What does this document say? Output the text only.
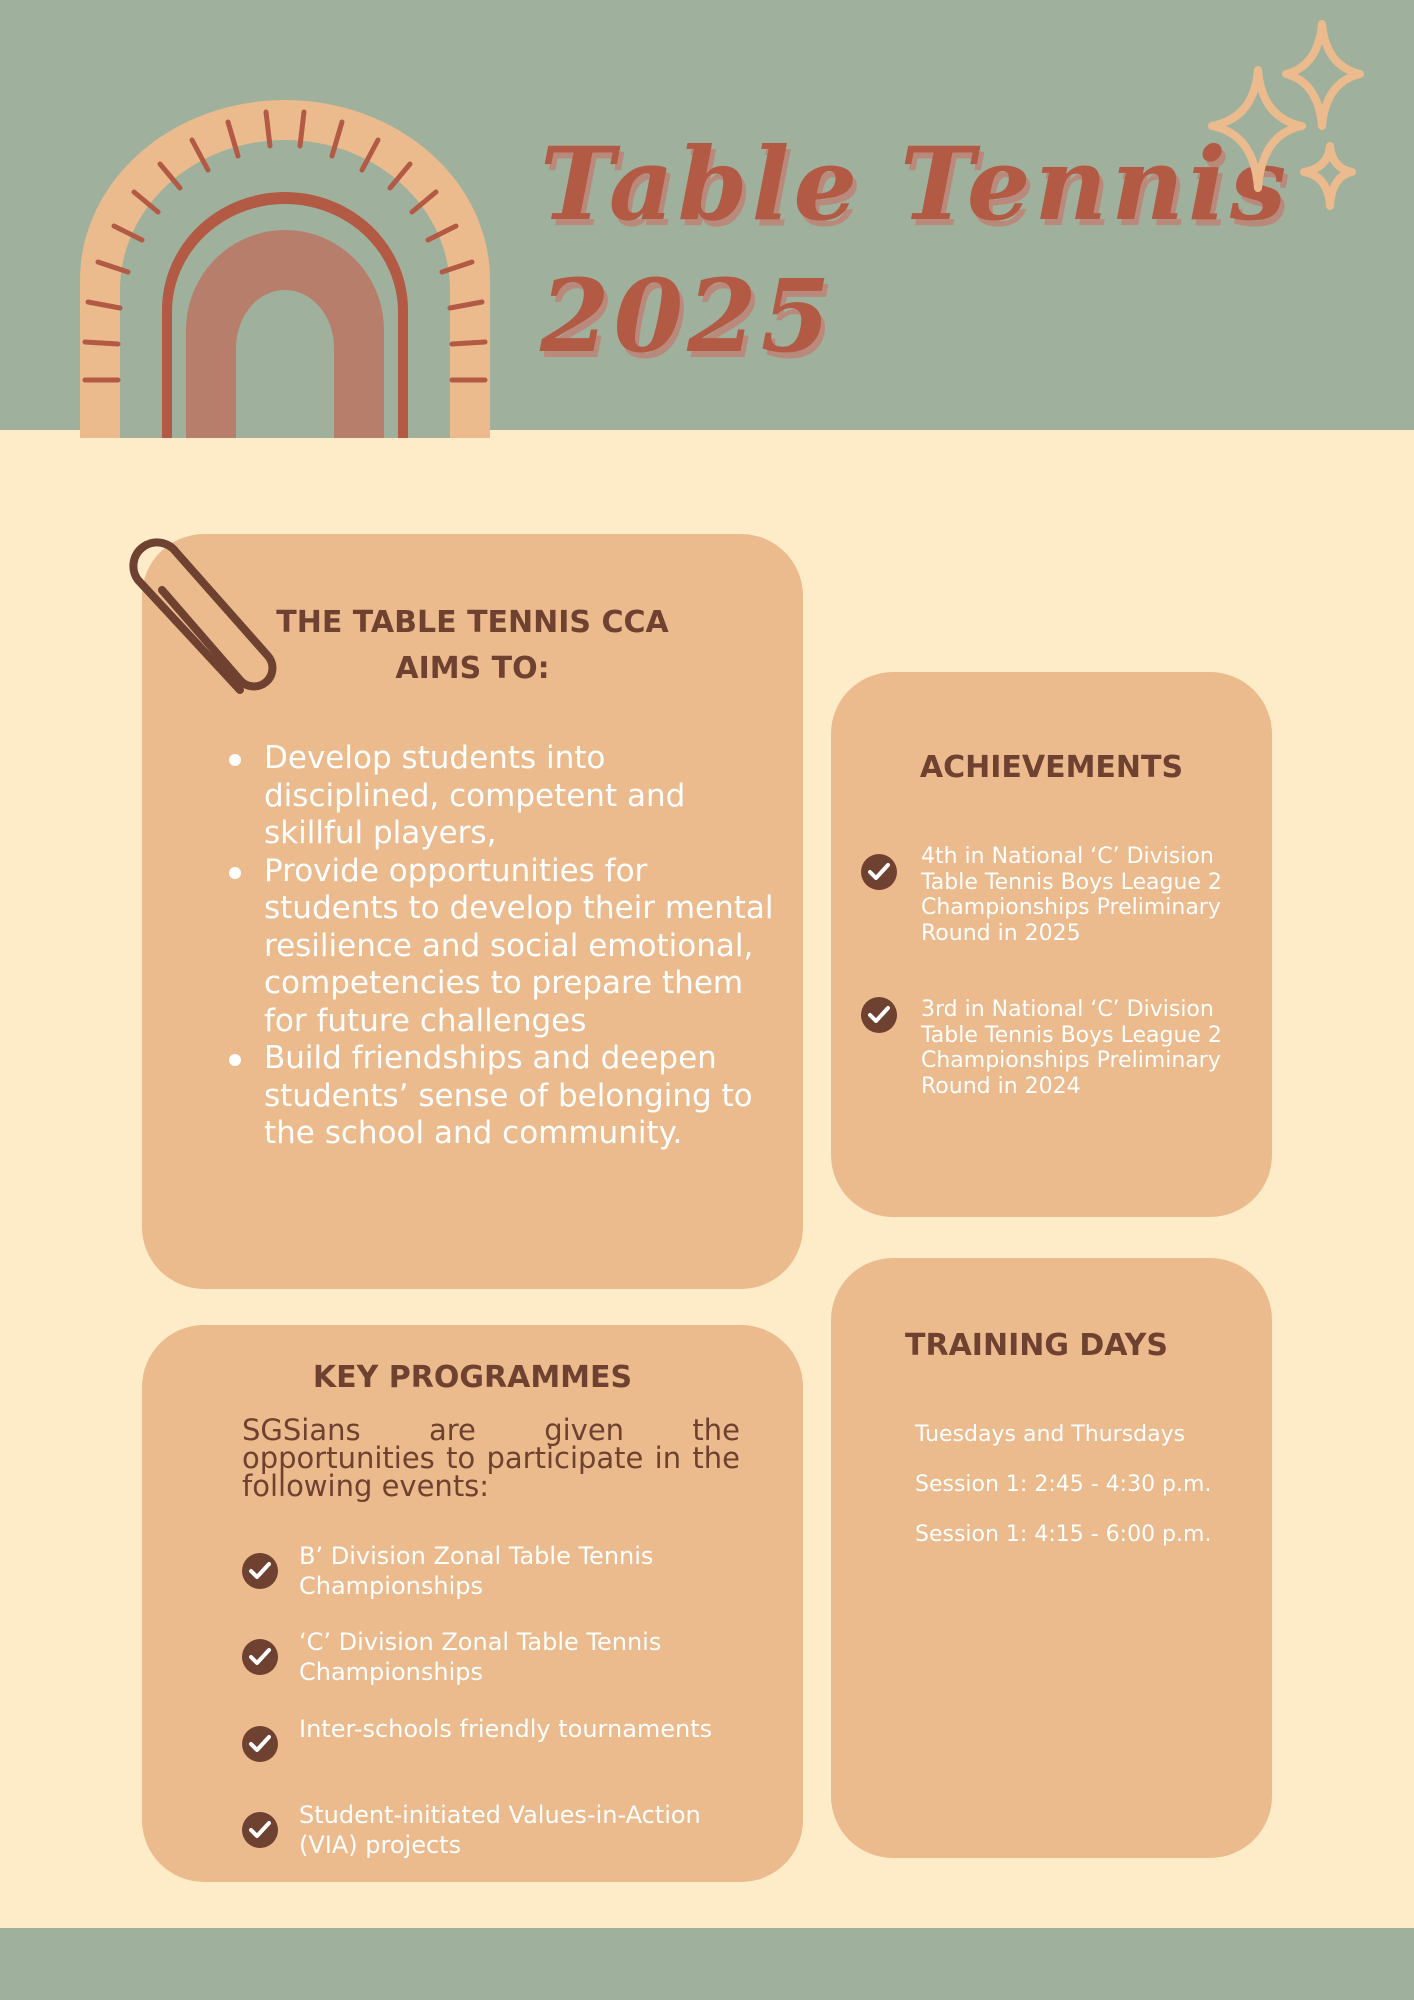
Table Tennis
2025
THE TABLE TENNIS CCA
AIMS TO:
Develop students into disciplined, competent and skillful players,
Provide opportunities for students to develop their mental resilience and social emotional, competencies to prepare them for future challenges
Build friendships and deepen students’ sense of belonging to the school and community.
ACHIEVEMENTS
4th in National ‘C’ Division Table Tennis Boys League 2 Championships Preliminary Round in 2025
3rd in National ‘C’ Division Table Tennis Boys League 2 Championships Preliminary Round in 2024
KEY PROGRAMMES

SGSians are given the opportunities to participate in the following events:

B’ Division Zonal Table Tennis Championships
‘C’ Division Zonal Table Tennis Championships
Inter-schools friendly tournaments
Student-initiated Values-in-Action (VIA) projects
TRAINING DAYS

Tuesdays and Thursdays

Session 1: 2:45 - 4:30 p.m.

Session 1: 4:15 - 6:00 p.m.
